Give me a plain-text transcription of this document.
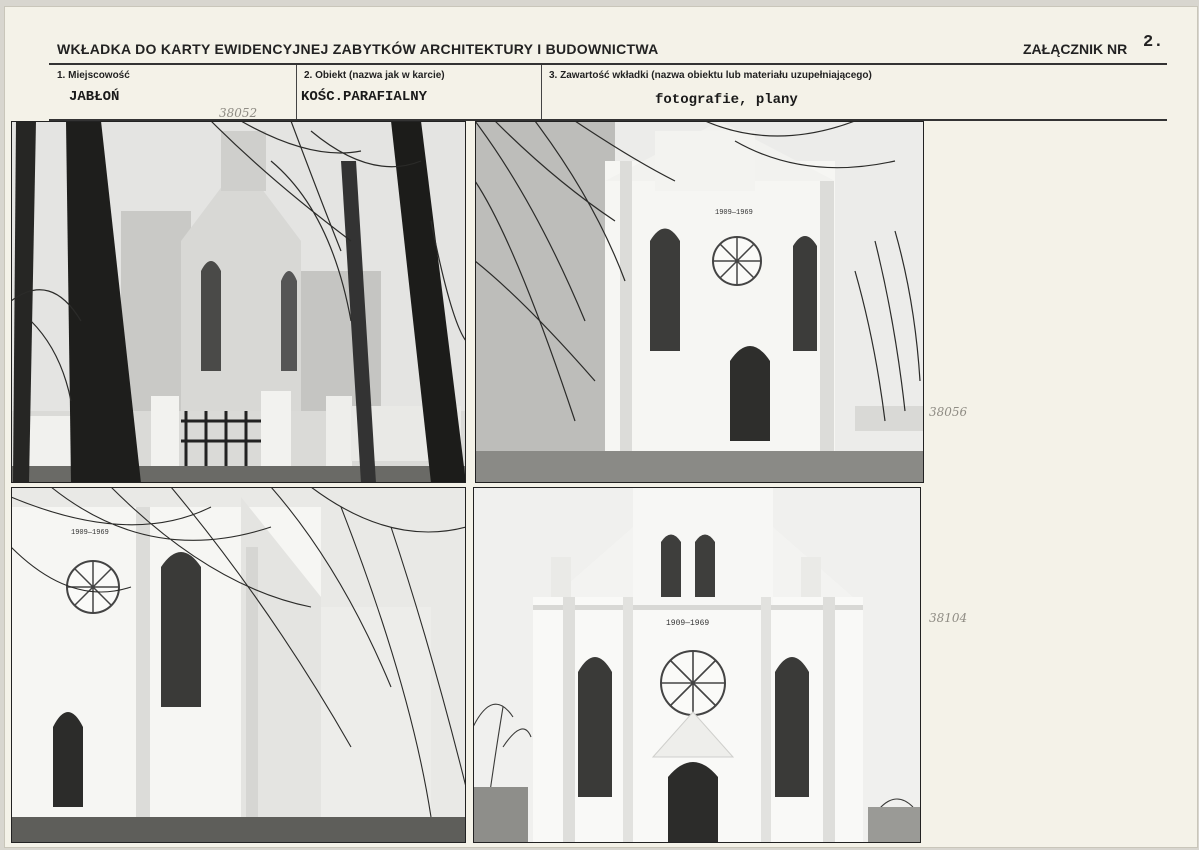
WKŁADKA DO KARTY EWIDENCYJNEJ ZABYTKÓW ARCHITEKTURY I BUDOWNICTWA	ZAŁĄCZNIK NR 2.
1. Miejscowość
JABŁOŃ
2. Obiekt (nazwa jak w karcie)
KOŚC.PARAFIALNY
3. Zawartość wkładki (nazwa obiektu lub materiału uzupełniającego)
fotografie, plany
38052
38056
38104
1909—1969
1909—1969
1909—1969
